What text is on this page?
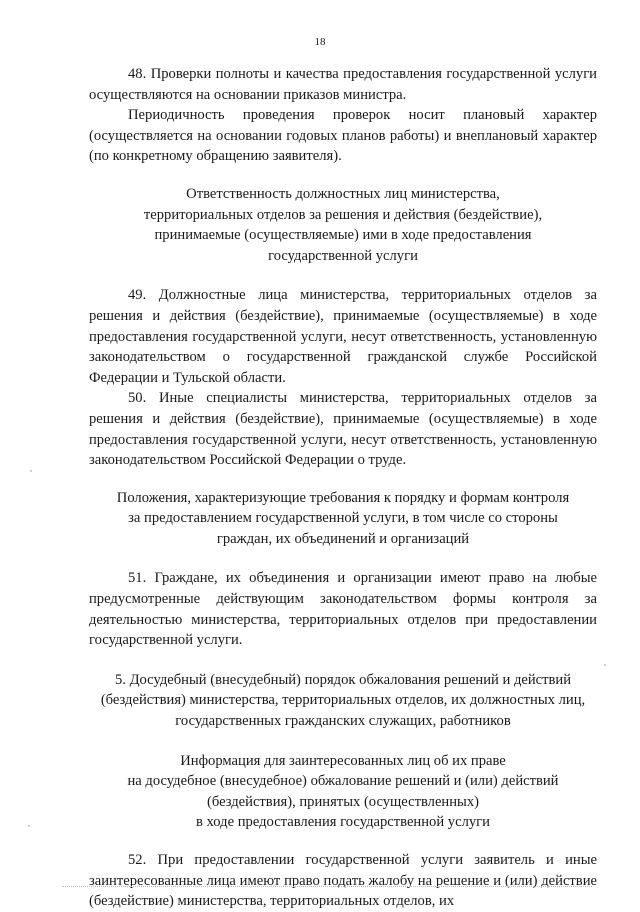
18

48. Проверки полноты и качества предоставления государственной услуги осуществляются на основании приказов министра.

Периодичность проведения проверок носит плановый характер (осуществляется на основании годовых планов работы) и внеплановый характер (по конкретному обращению заявителя).

Ответственность должностных лиц министерства,
территориальных отделов за решения и действия (бездействие),
принимаемые (осуществляемые) ими в ходе предоставления
государственной услуги

49. Должностные лица министерства, территориальных отделов за решения и действия (бездействие), принимаемые (осуществляемые) в ходе предоставления государственной услуги, несут ответственность, установленную законодательством о государственной гражданской службе Российской Федерации и Тульской области.

50. Иные специалисты министерства, территориальных отделов за решения и действия (бездействие), принимаемые (осуществляемые) в ходе предоставления государственной услуги, несут ответственность, установленную законодательством Российской Федерации о труде.

Положения, характеризующие требования к порядку и формам контроля
за предоставлением государственной услуги, в том числе со стороны
граждан, их объединений и организаций

51. Граждане, их объединения и организации имеют право на любые предусмотренные действующим законодательством формы контроля за деятельностью министерства, территориальных отделов при предоставлении государственной услуги.

5. Досудебный (внесудебный) порядок обжалования решений и действий
(бездействия) министерства, территориальных отделов, их должностных лиц,
государственных гражданских служащих, работников
Информация для заинтересованных лиц об их праве
на досудебное (внесудебное) обжалование решений и (или) действий
(бездействия), принятых (осуществленных)
в ходе предоставления государственной услуги

52. При предоставлении государственной услуги заявитель и иные заинтересованные лица имеют право подать жалобу на решение и (или) действие (бездействие) министерства, территориальных отделов, их
